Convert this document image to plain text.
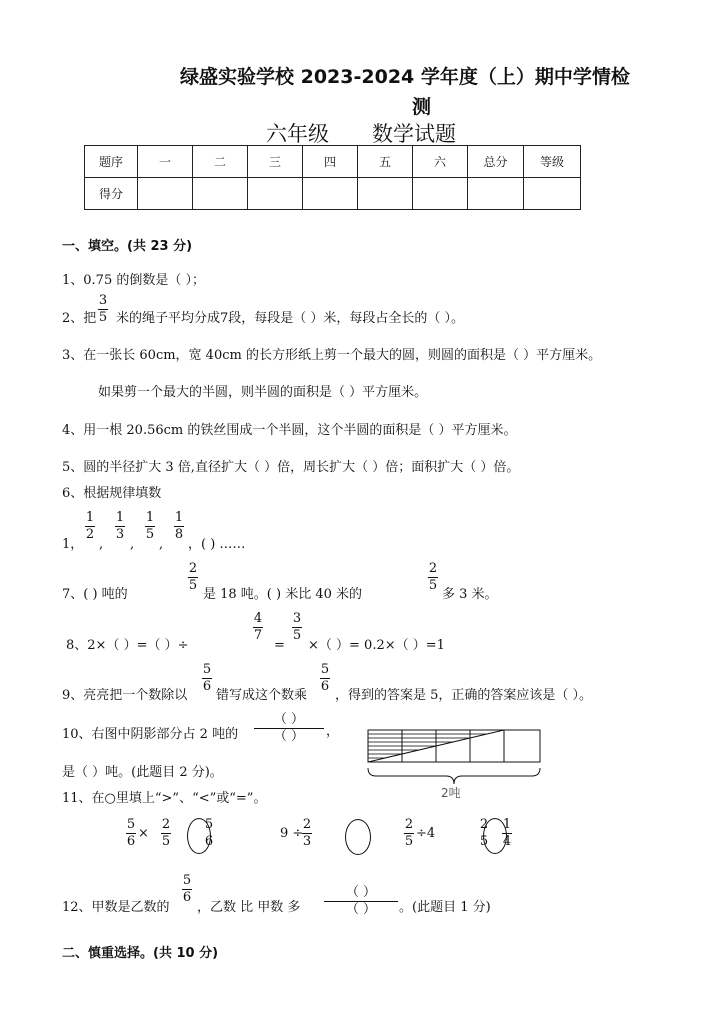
绿盛实验学校 2023-2024 学年度（上）期中学情检
测
六年级 数学试题
题序	一	二	三	四	五	六	总分	等级
得分								
一、填空。(共 23 分)
1、0.75 的倒数是（ ）；
2、把
3
5 米的绳子平均分成7段，每段是（ ）米，每段占全长的（ ）。
3、在一张长 60cm，宽 40cm 的长方形纸上剪一个最大的圆，则圆的面积是（ ）平方厘米。
如果剪一个最大的半圆，则半圆的面积是（ ）平方厘米。
4、用一根 20.56cm 的铁丝围成一个半圆，这个半圆的面积是（ ）平方厘米。
5、圆的半径扩大 3 倍,直径扩大（ ）倍，周长扩大（ ）倍；面积扩大（ ）倍。
6、根据规律填数
1，
1
2
,
1
3
,
1
5
,
1
8
，( ) ……
7、( ) 吨的
2
5
是 18 吨。( ) 米比 40 米的
2
5
多 3 米。
8、2×（ ）=（ ）÷
4
7
=
3
5
×（ ）= 0.2×（ ）=1
9、亮亮把一个数除以
5
6
错写成这个数乘
5
6
，得到的答案是 5，正确的答案应该是（ ）。
10、右图中阴影部分占 2 吨的
（ ）
（ ）	，
是（ ）吨。(此题目 2 分)。
2吨
11、在○里填上“>”、“<”或“=”。
5
6
×
2
5
5
6
9 ÷
2
3
2
5
÷4
2
5
1
4
12、甲数是乙数的
5
6
，乙数 比 甲数 多
（ ）
（ ）	。(此题目 1 分)
二、慎重选择。(共 10 分)
